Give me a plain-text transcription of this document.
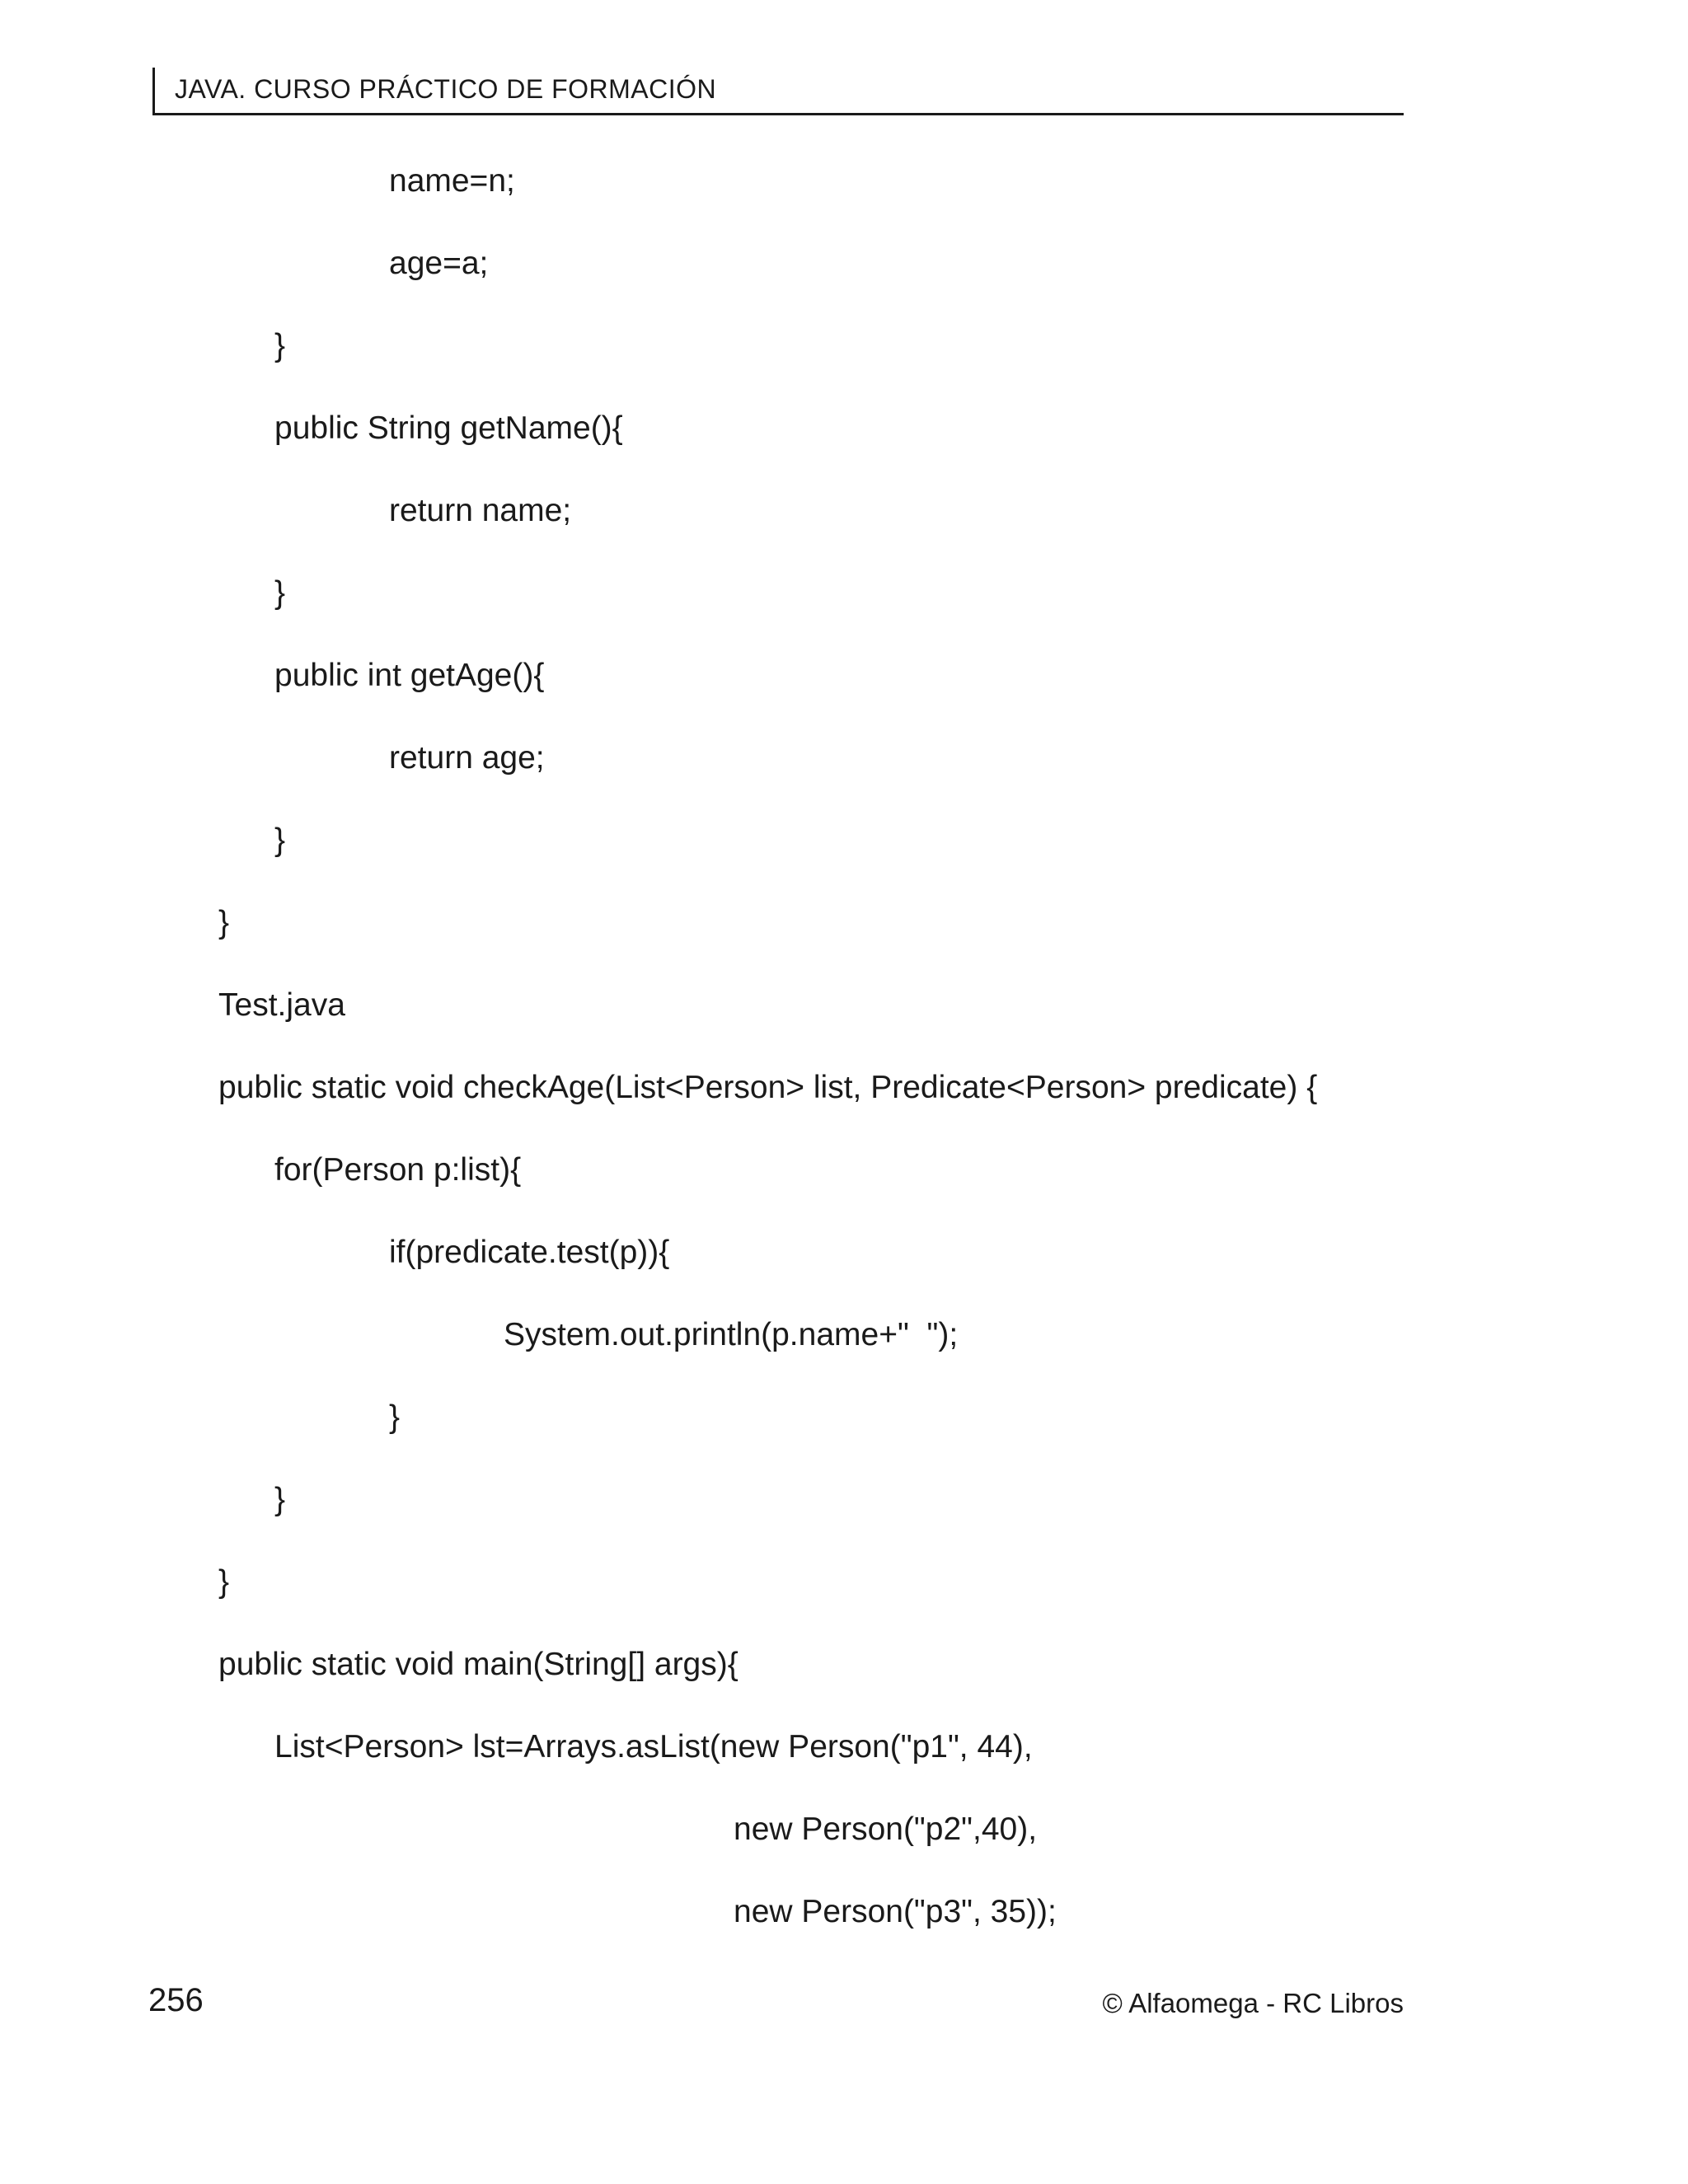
JAVA. CURSO PRÁCTICO DE FORMACIÓN
name=n;
age=a;
}
public String getName(){
return name;
}
public int getAge(){
return age;
}
}
Test.java
public static void checkAge(List<Person> list, Predicate<Person> predicate) {
for(Person p:list){
if(predicate.test(p)){
System.out.println(p.name+"  ");
}
}
}
public static void main(String[] args){
List<Person> lst=Arrays.asList(new Person("p1", 44),
new Person("p2",40),
new Person("p3", 35));
256	© Alfaomega - RC Libros
